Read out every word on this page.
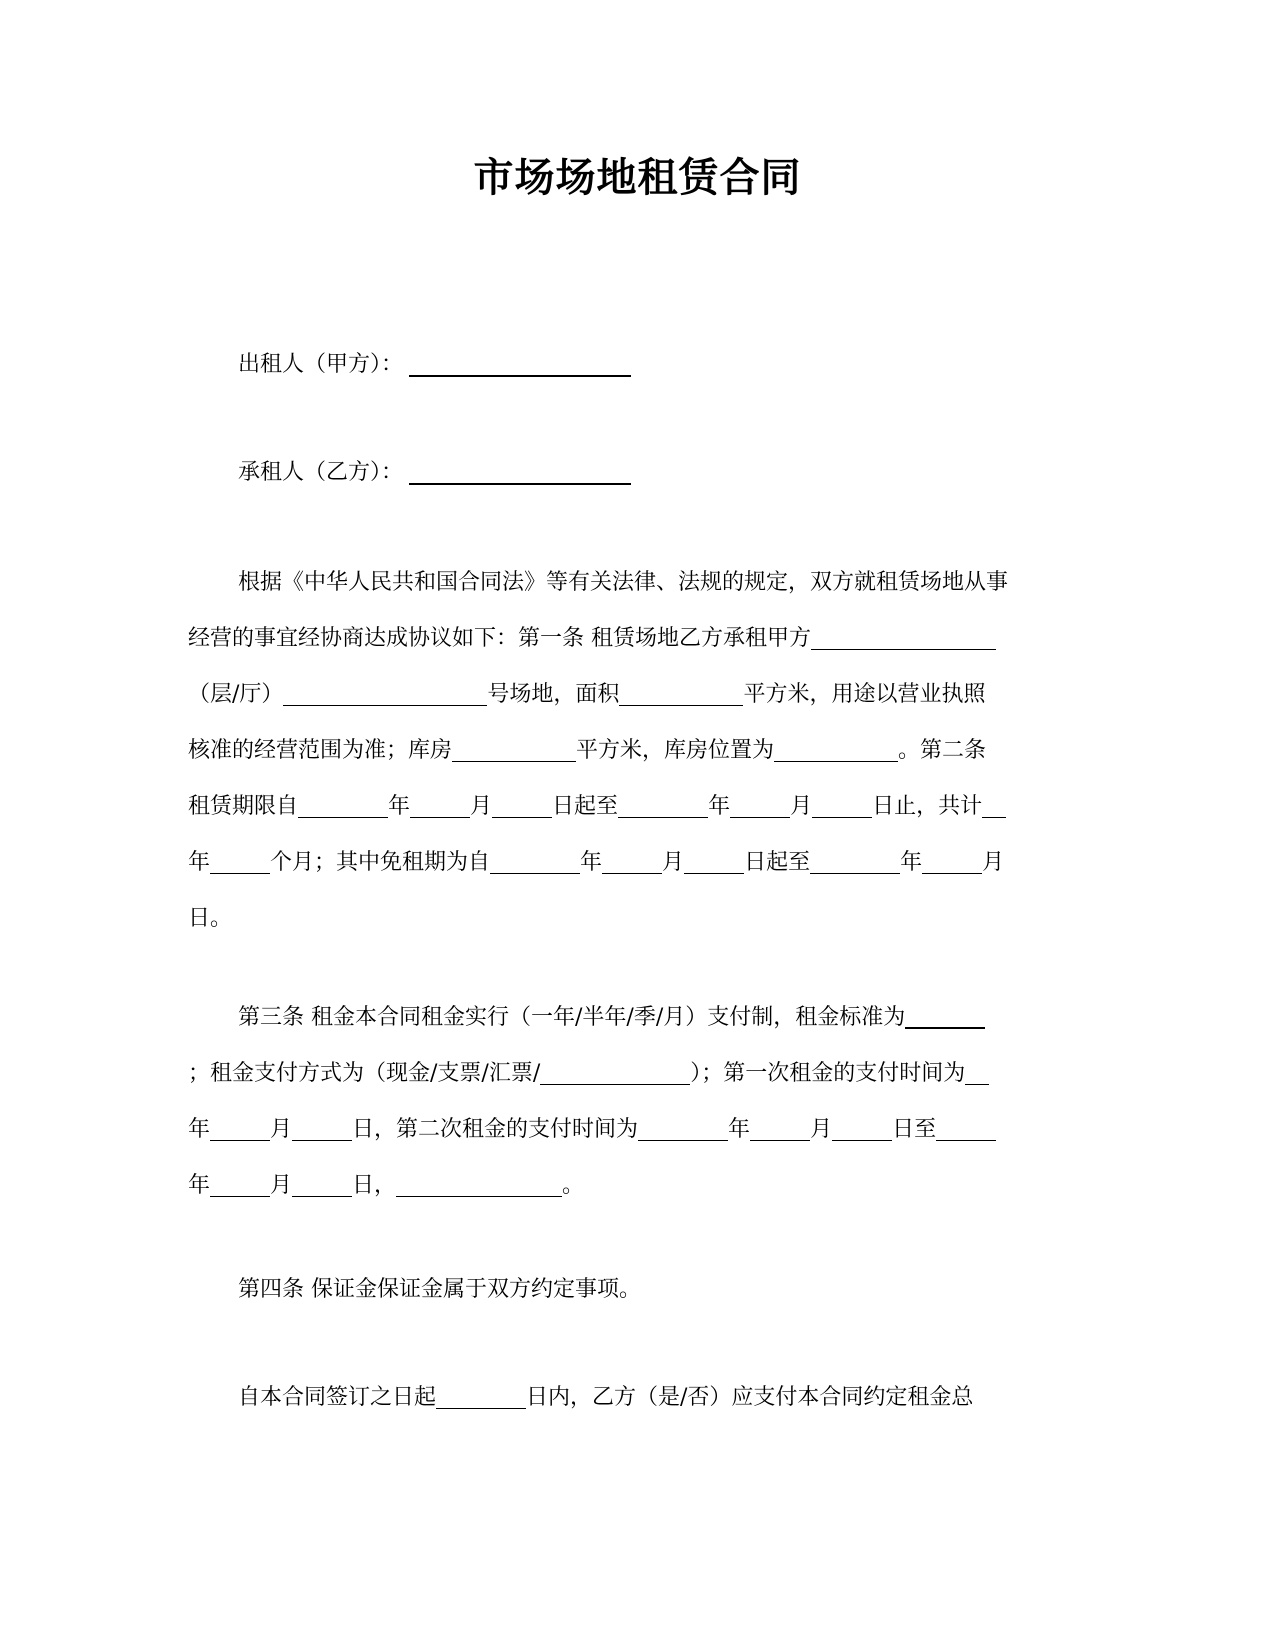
市场场地租赁合同
出租人（甲方）：
承租人（乙方）：
根据《中华人民共和国合同法》等有关法律、法规的规定，双方就租赁场地从事
经营的事宜经协商达成协议如下：第一条 租赁场地乙方承租甲方
（层/厅）	号场地，面积	平方米，用途以营业执照
核准的经营范围为准；库房	平方米，库房位置为	。第二条
租赁期限自	年	月	日起至	年	月	日止，共计
年	个月；其中免租期为自	年	月	日起至	年	月
日。
第三条 租金本合同租金实行（一年/半年/季/月）支付制，租金标准为
；租金支付方式为（现金/支票/汇票/	）；第一次租金的支付时间为
年	月	日，第二次租金的支付时间为	年	月	日至
年	月	日，	。
第四条 保证金保证金属于双方约定事项。
自本合同签订之日起	日内，乙方（是/否）应支付本合同约定租金总
